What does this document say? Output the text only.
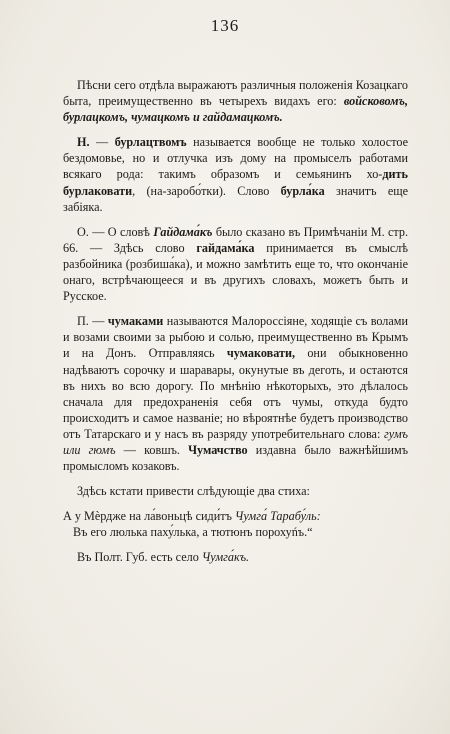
136

Пѣсни сего отдѣла выражаютъ различныя положенія Козацкаго быта, преимущественно въ четырехъ видахъ его: войсковомъ, бурлацкомъ, чумацкомъ и гайдамацкомъ.

Н. — бурлацтвомъ называется вообще не только холостое бездомовье, но и отлучка изъ дому на промыселъ работами всякаго рода: такимъ образомъ и семьянинъ хо-дить бурлаковати, (на-заробо́тки). Слово бурла́ка значитъ еще забіяка.

О. — О словѣ Гайдама́къ было сказано въ Примѣчаніи М. стр. 66. — Здѣсь слово гайдама́ка принимается въ смыслѣ разбойника (розбиша́ка), и можно замѣтить еще то, что окончаніе онаго, встрѣчающееся и въ другихъ словахъ, можетъ быть и Русское.

П. — чумаками называются Малороссіяне, ходящіе съ волами и возами своими за рыбою и солью, преимущественно въ Крымъ и на Донъ. Отправляясь чумаковати, они обыкновенно надѣваютъ сорочку и шаравары, окунутые въ деготь, и остаются въ нихъ во всю дорогу. По мнѣнію нѣкоторыхъ, это дѣлалось сначала для предохраненія себя отъ чумы, откуда будто происходитъ и самое названіе; но вѣроятнѣе будетъ производство отъ Татарскаго и у насъ въ разряду употребительнаго слова: гумъ или гюмъ — ковшъ. Чумачство издавна было важнѣйшимъ промысломъ козаковъ.

Здѣсь кстати привести слѣдующіе два стиха:

А у Мѐрдже на ла́воньцѣ сиди́тъ Чумга́ Тарабу́ль:
Въ его люлька паху́лька, а тютюнъ порохуńъ.“

Въ Полт. Губ. есть село Чумга́къ.
